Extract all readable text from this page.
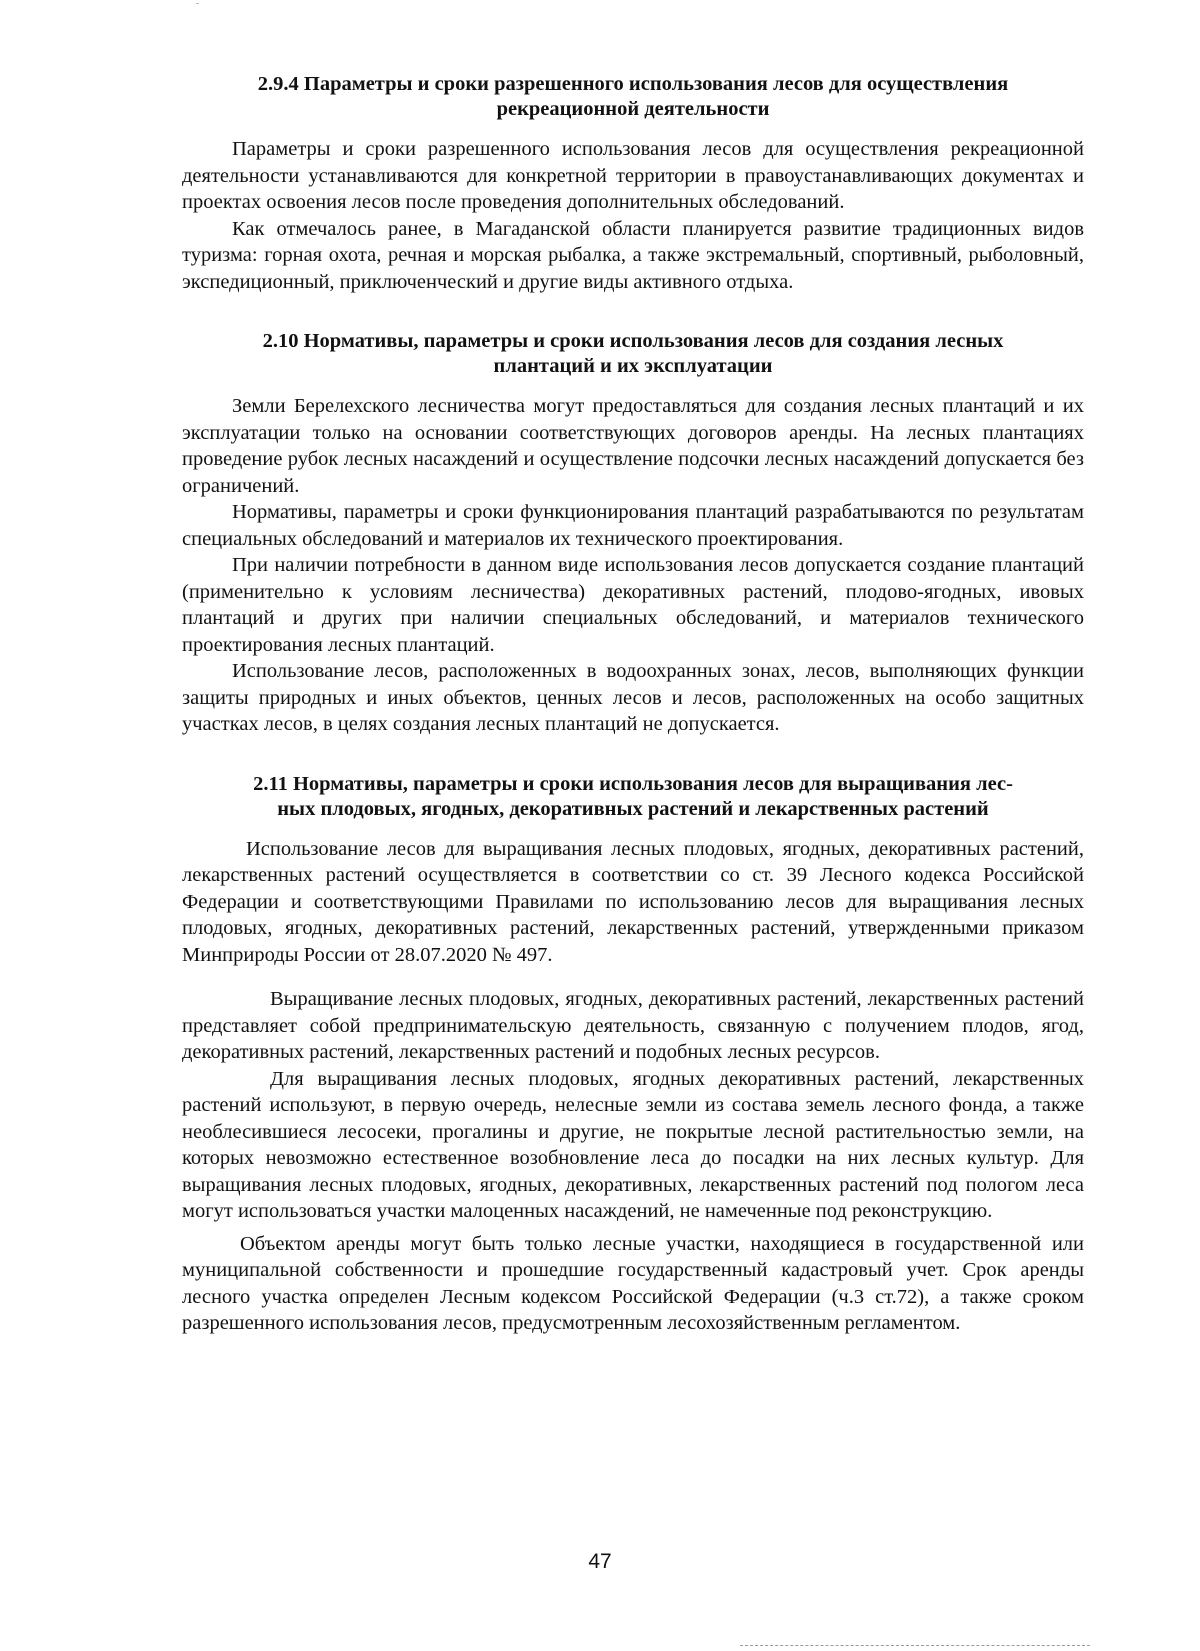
2.9.4 Параметры и сроки разрешенного использования лесов для осуществления
рекреационной деятельности

Параметры и сроки разрешенного использования лесов для осуществления рекреационной деятельности устанавливаются для конкретной территории в правоустанавливающих документах и проектах освоения лесов после проведения дополнительных обследований.

Как отмечалось ранее, в Магаданской области планируется развитие традиционных видов туризма: горная охота, речная и морская рыбалка, а также экстремальный, спортивный, рыболовный, экспедиционный, приключенческий и другие виды активного отдыха.

2.10 Нормативы, параметры и сроки использования лесов для создания лесных
плантаций и их эксплуатации

Земли Берелехского лесничества могут предоставляться для создания лесных плантаций и их эксплуатации только на основании соответствующих договоров аренды. На лесных плантациях проведение рубок лесных насаждений и осуществление подсочки лесных насаждений допускается без ограничений.

Нормативы, параметры и сроки функционирования плантаций разрабатываются по результатам специальных обследований и материалов их технического проектирования.

При наличии потребности в данном виде использования лесов допускается создание плантаций (применительно к условиям лесничества) декоративных растений, плодово-ягодных, ивовых плантаций и других при наличии специальных обследований, и материалов технического проектирования лесных плантаций.

Использование лесов, расположенных в водоохранных зонах, лесов, выполняющих функции защиты природных и иных объектов, ценных лесов и лесов, расположенных на особо защитных участках лесов, в целях создания лесных плантаций не допускается.

2.11 Нормативы, параметры и сроки использования лесов для выращивания лес-
ных плодовых, ягодных, декоративных растений и лекарственных растений

Использование лесов для выращивания лесных плодовых, ягодных, декоративных растений, лекарственных растений осуществляется в соответствии со ст. 39 Лесного кодекса Российской Федерации и соответствующими Правилами по использованию лесов для выращивания лесных плодовых, ягодных, декоративных растений, лекарственных растений, утвержденными приказом Минприроды России от 28.07.2020 № 497.

Выращивание лесных плодовых, ягодных, декоративных растений, лекарственных растений представляет собой предпринимательскую деятельность, связанную с получением плодов, ягод, декоративных растений, лекарственных растений и подобных лесных ресурсов.

Для выращивания лесных плодовых, ягодных декоративных растений, лекарственных растений используют, в первую очередь, нелесные земли из состава земель лесного фонда, а также необлесившиеся лесосеки, прогалины и другие, не покрытые лесной растительностью земли, на которых невозможно естественное возобновление леса до посадки на них лесных культур. Для выращивания лесных плодовых, ягодных, декоративных, лекарственных растений под пологом леса могут использоваться участки малоценных насаждений, не намеченные под реконструкцию.

Объектом аренды могут быть только лесные участки, находящиеся в государственной или муниципальной собственности и прошедшие государственный кадастровый учет. Срок аренды лесного участка определен Лесным кодексом Российской Федерации (ч.3 ст.72), а также сроком разрешенного использования лесов, предусмотренным лесохозяйственным регламентом.

47
